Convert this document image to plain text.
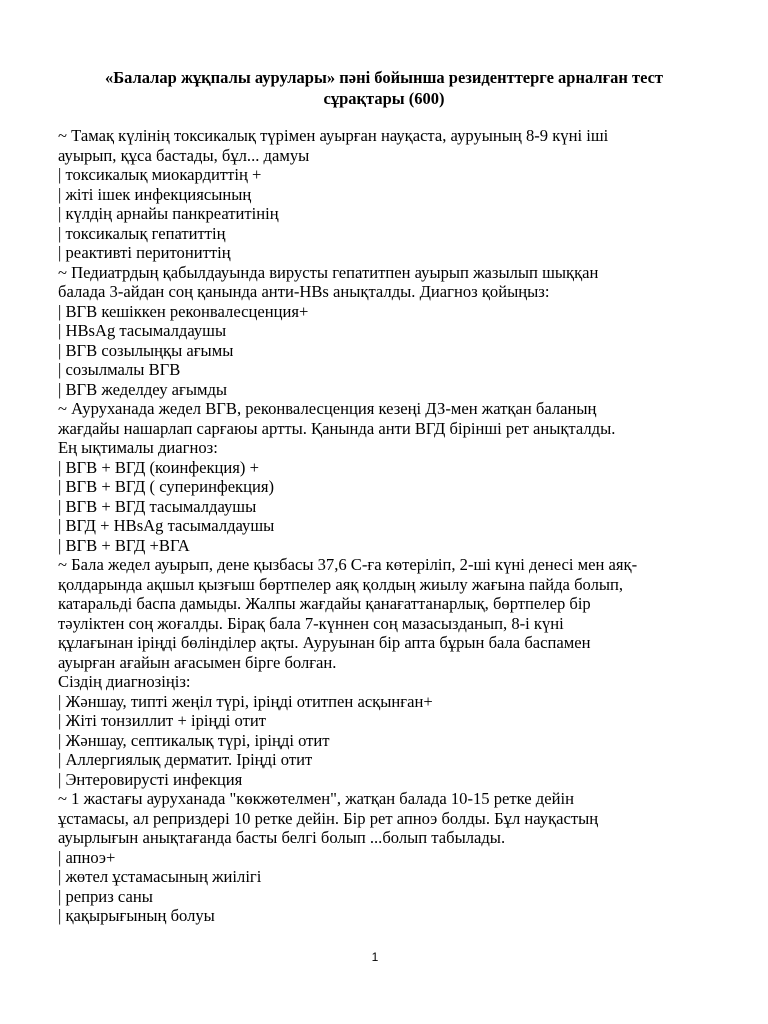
«Балалар жұқпалы аурулары» пәні бойынша резиденттерге арналған тест
сұрақтары (600)
~ Тамақ күлінің токсикалық түрімен ауырған науқаста, ауруының 8-9 күні іші
ауырып, құса бастады, бұл... дамуы
| токсикалық миокардиттің +
| жіті ішек инфекциясының
| күлдің арнайы панкреатитінің
| токсикалық гепатиттің
| реактивті перитониттің
~ Педиатрдың қабылдауында вирусты гепатитпен ауырып жазылып шыққан
балада 3-айдан соң қанында анти-HBs анықталды. Диагноз қойыңыз:
| ВГВ кешіккен реконвалесценция+
| HBsAg тасымалдаушы
| ВГВ созылыңқы ағымы
| созылмалы ВГВ
| ВГВ жеделдеу ағымды
~ Ауруханада жедел ВГВ, реконвалесценция кезеңі ДЗ-мен жатқан баланың
жағдайы нашарлап сарғаюы артты. Қанында анти ВГД бірінші рет анықталды.
Ең ықтималы диагноз:
| ВГВ + ВГД (коинфекция) +
| ВГВ + ВГД ( суперинфекция)
| ВГВ + ВГД тасымалдаушы
| ВГД + HBsAg тасымалдаушы
| ВГВ + ВГД +ВГА
~ Бала жедел ауырып, дене қызбасы 37,6 С-ға көтеріліп, 2-ші күні денесі мен аяқ-
қолдарында ақшыл қызғыш бөртпелер аяқ қолдың жиылу жағына пайда болып,
катаральді баспа дамыды. Жалпы жағдайы қанағаттанарлық, бөртпелер бір
тәуліктен соң жоғалды. Бірақ бала 7-күннен соң мазасызданып, 8-і күні
құлағынан іріңді бөлінділер ақты. Ауруынан бір апта бұрын бала баспамен
ауырған ағайын ағасымен бірге болған.
Сіздің диагнозіңіз:
| Жәншау, типті жеңіл түрі, іріңді отитпен асқынған+
| Жіті тонзиллит + іріңді отит
| Жәншау, септикалық түрі, іріңді отит
| Аллергиялық дерматит. Іріңді отит
| Энтеровирусті инфекция
~ 1 жастағы ауруханада "көкжөтелмен", жатқан балада 10-15 ретке дейін
ұстамасы, ал реприздері 10 ретке дейін. Бір рет апноэ болды. Бұл науқастың
ауырлығын анықтағанда басты белгі болып ...болып табылады.
| апноэ+
| жөтел ұстамасының жиілігі
| реприз саны
| қақырығының болуы
1
